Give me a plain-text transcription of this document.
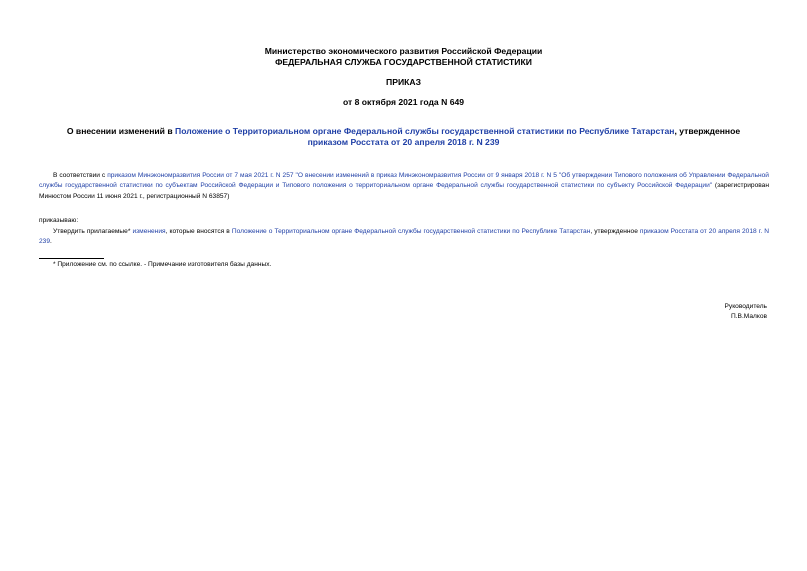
Министерство экономического развития Российской Федерации
ФЕДЕРАЛЬНАЯ СЛУЖБА ГОСУДАРСТВЕННОЙ СТАТИСТИКИ
ПРИКАЗ
от 8 октября 2021 года N 649
О внесении изменений в Положение о Территориальном органе Федеральной службы государственной статистики по Республике Татарстан, утвержденное приказом Росстата от 20 апреля 2018 г. N 239
В соответствии с приказом Минэкономразвития России от 7 мая 2021 г. N 257 "О внесении изменений в приказ Минэкономразвития России от 9 января 2018 г. N 5 "Об утверждении Типового положения об Управлении Федеральной службы государственной статистики по субъектам Российской Федерации и Типового положения о территориальном органе Федеральной службы государственной статистики по субъекту Российской Федерации" (зарегистрирован Минюстом России 11 июня 2021 г., регистрационный N 63857)
приказываю:
Утвердить прилагаемые* изменения, которые вносятся в Положение о Территориальном органе Федеральной службы государственной статистики по Республике Татарстан, утвержденное приказом Росстата от 20 апреля 2018 г. N 239.
* Приложение см. по ссылке. - Примечание изготовителя базы данных.
Руководитель
П.В.Малков
